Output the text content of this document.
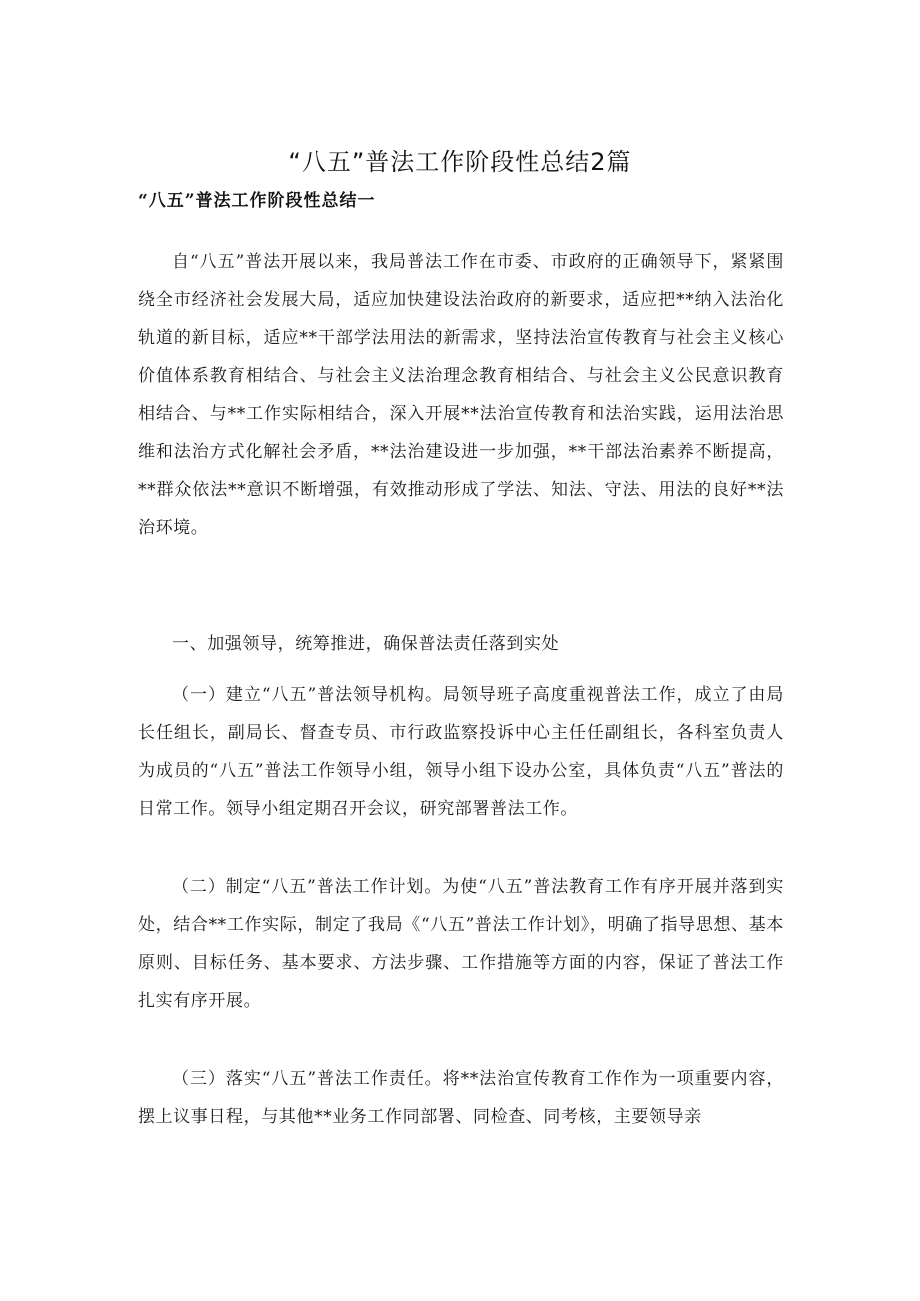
“八五”普法工作阶段性总结2篇
“八五”普法工作阶段性总结一

自“八五”普法开展以来，我局普法工作在市委、市政府的正确领导下，紧紧围绕全市经济社会发展大局，适应加快建设法治政府的新要求，适应把**纳入法治化轨道的新目标，适应**干部学法用法的新需求，坚持法治宣传教育与社会主义核心价值体系教育相结合、与社会主义法治理念教育相结合、与社会主义公民意识教育相结合、与**工作实际相结合，深入开展**法治宣传教育和法治实践，运用法治思维和法治方式化解社会矛盾，**法治建设进一步加强，**干部法治素养不断提高，**群众依法**意识不断增强，有效推动形成了学法、知法、守法、用法的良好**法治环境。

一、加强领导，统筹推进，确保普法责任落到实处

（一）建立“八五”普法领导机构。局领导班子高度重视普法工作，成立了由局长任组长，副局长、督查专员、市行政监察投诉中心主任任副组长，各科室负责人为成员的“八五”普法工作领导小组，领导小组下设办公室，具体负责“八五”普法的日常工作。领导小组定期召开会议，研究部署普法工作。

（二）制定“八五”普法工作计划。为使“八五”普法教育工作有序开展并落到实处，结合**工作实际，制定了我局《“八五”普法工作计划》，明确了指导思想、基本原则、目标任务、基本要求、方法步骤、工作措施等方面的内容，保证了普法工作扎实有序开展。

（三）落实“八五”普法工作责任。将**法治宣传教育工作作为一项重要内容，摆上议事日程，与其他**业务工作同部署、同检查、同考核，主要领导亲
